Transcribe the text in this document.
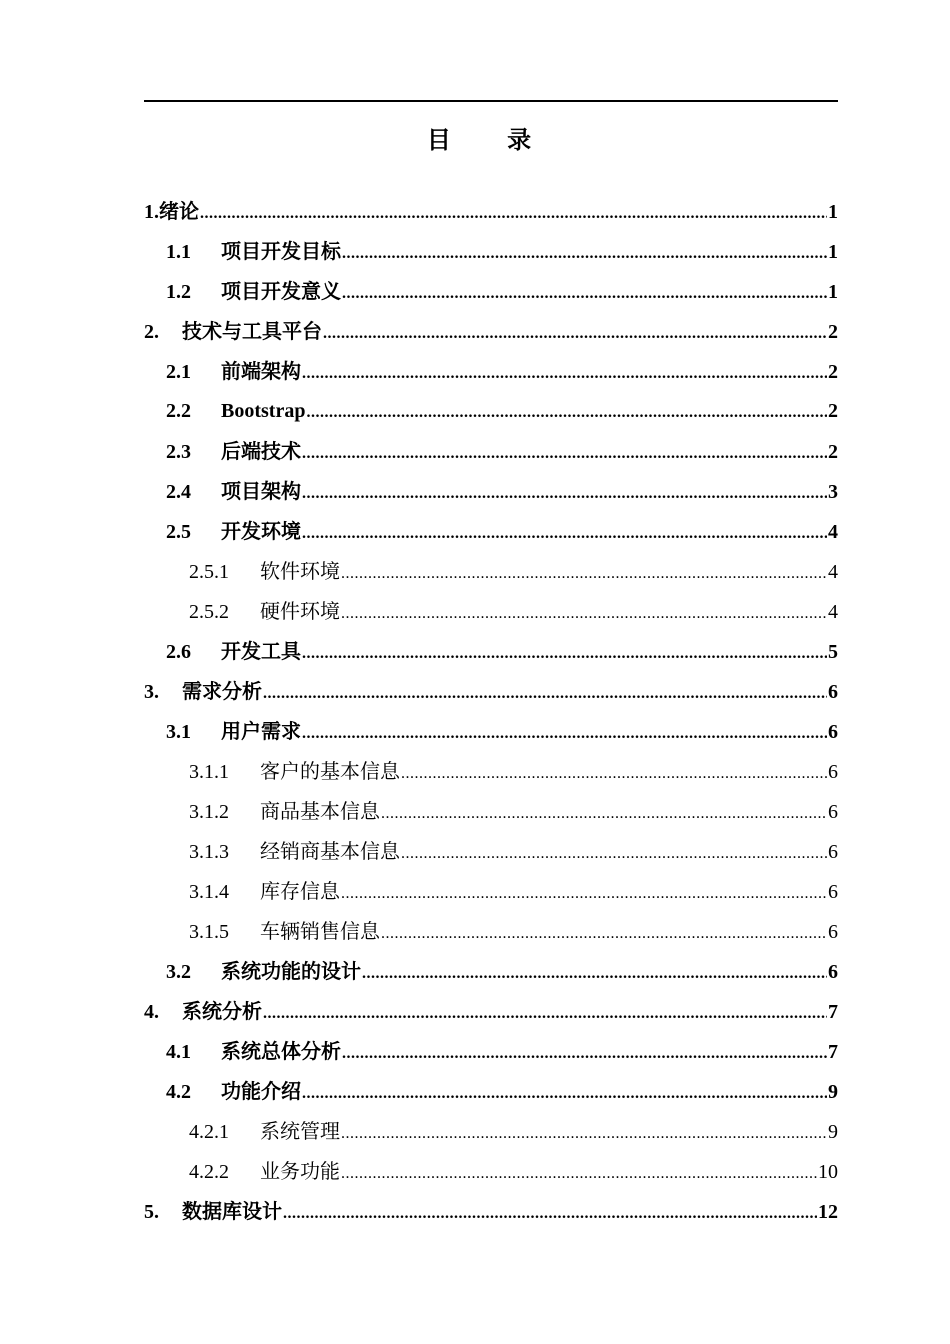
目 录
1. 绪论 .....	1
1.1	项目开发目标 .....	1
1.2	项目开发意义 .....	1
2.	技术与工具平台 .....	2
2.1	前端架构 .....	2
2.2	Bootstrap .....	2
2.3	后端技术 .....	2
2.4	项目架构 .....	3
2.5	开发环境 .....	4
2.5.1	软件环境 .....	4
2.5.2	硬件环境 .....	4
2.6	开发工具 .....	5
3.	需求分析 .....	6
3.1	用户需求 .....	6
3.1.1	客户的基本信息 .....	6
3.1.2	商品基本信息 .....	6
3.1.3	经销商基本信息 .....	6
3.1.4	库存信息 .....	6
3.1.5	车辆销售信息 .....	6
3.2	系统功能的设计 .....	6
4.	系统分析 .....	7
4.1	系统总体分析 .....	7
4.2	功能介绍 .....	9
4.2.1	系统管理 .....	9
4.2.2	业务功能 .....	10
5.	数据库设计 .....	12
